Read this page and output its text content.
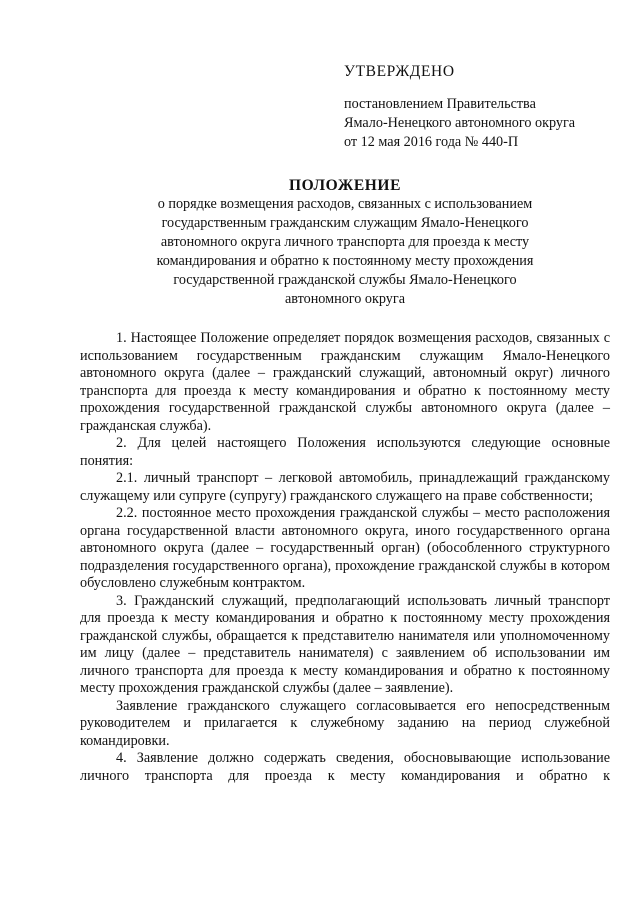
УТВЕРЖДЕНО
постановлением Правительства
Ямало-Ненецкого автономного округа
от 12 мая 2016 года № 440-П
ПОЛОЖЕНИЕ
о порядке возмещения расходов, связанных с использованием
государственным гражданским служащим Ямало-Ненецкого
автономного округа личного транспорта для проезда к месту
командирования и обратно к постоянному месту прохождения
государственной гражданской службы Ямало-Ненецкого
автономного округа

1. Настоящее Положение определяет порядок возмещения расходов, связанных с использованием государственным гражданским служащим Ямало-Ненецкого автономного округа (далее – гражданский служащий, автономный округ) личного транспорта для проезда к месту командирования и обратно к постоянному месту прохождения государственной гражданской службы автономного округа (далее – гражданская служба).

2. Для целей настоящего Положения используются следующие основные понятия:

2.1. личный транспорт – легковой автомобиль, принадлежащий гражданскому служащему или супруге (супругу) гражданского служащего на праве собственности;

2.2. постоянное место прохождения гражданской службы – место расположения органа государственной власти автономного округа, иного государственного органа автономного округа (далее – государственный орган) (обособленного структурного подразделения государственного органа), прохождение гражданской службы в котором обусловлено служебным контрактом.

3. Гражданский служащий, предполагающий использовать личный транспорт для проезда к месту командирования и обратно к постоянному месту прохождения гражданской службы, обращается к представителю нанимателя или уполномоченному им лицу (далее – представитель нанимателя) с заявлением об использовании им личного транспорта для проезда к месту командирования и обратно к постоянному месту прохождения гражданской службы (далее – заявление).

Заявление гражданского служащего согласовывается его непосредственным руководителем и прилагается к служебному заданию на период служебной командировки.

4. Заявление должно содержать сведения, обосновывающие использование личного транспорта для проезда к месту командирования и обратно к
